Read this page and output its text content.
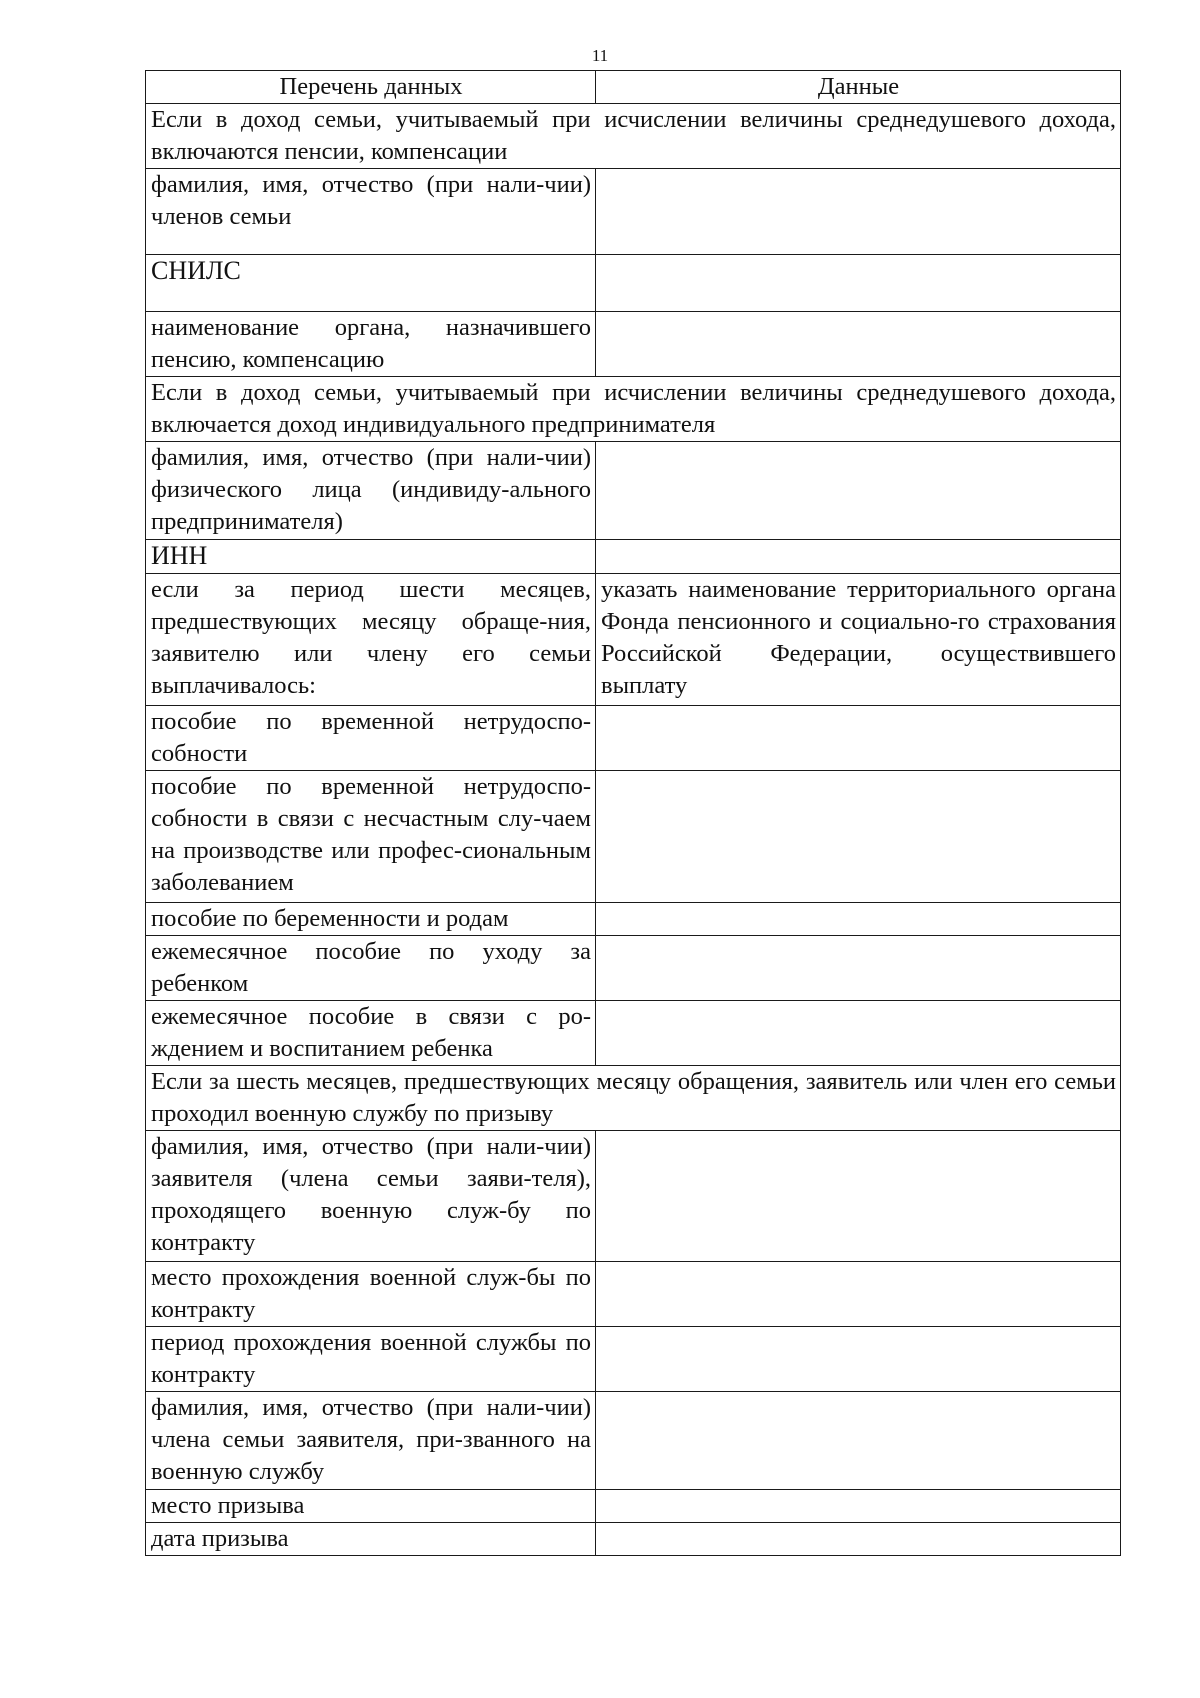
11
Перечень данных	Данные
Если в доход семьи, учитываемый при исчислении величины среднедушевого дохода, включаются пенсии, компенсации	
фамилия, имя, отчество (при нали-чии) членов семьи	
СНИЛС	
наименование органа, назначившего пенсию, компенсацию	
Если в доход семьи, учитываемый при исчислении величины среднедушевого дохода, включается доход индивидуального предпринимателя	
фамилия, имя, отчество (при нали-чии) физического лица (индивиду-ального предпринимателя)	
ИНН	
если за период шести месяцев, предшествующих месяцу обраще-ния, заявителю или члену его семьи выплачивалось:	указать наименование территориального органа Фонда пенсионного и социально-го страхования Российской Федерации, осуществившего выплату
пособие по временной нетрудоспо-собности	
пособие по временной нетрудоспо-собности в связи с несчастным слу-чаем на производстве или профес-сиональным заболеванием	
пособие по беременности и родам	
ежемесячное пособие по уходу за ребенком	
ежемесячное пособие в связи с ро-ждением и воспитанием ребенка	
Если за шесть месяцев, предшествующих месяцу обращения, заявитель или член его семьи проходил военную службу по призыву	
фамилия, имя, отчество (при нали-чии) заявителя (члена семьи заяви-теля), проходящего военную служ-бу по контракту	
место прохождения военной служ-бы по контракту	
период прохождения военной службы по контракту	
фамилия, имя, отчество (при нали-чии) члена семьи заявителя, при-званного на военную службу	
место призыва	
дата призыва	
